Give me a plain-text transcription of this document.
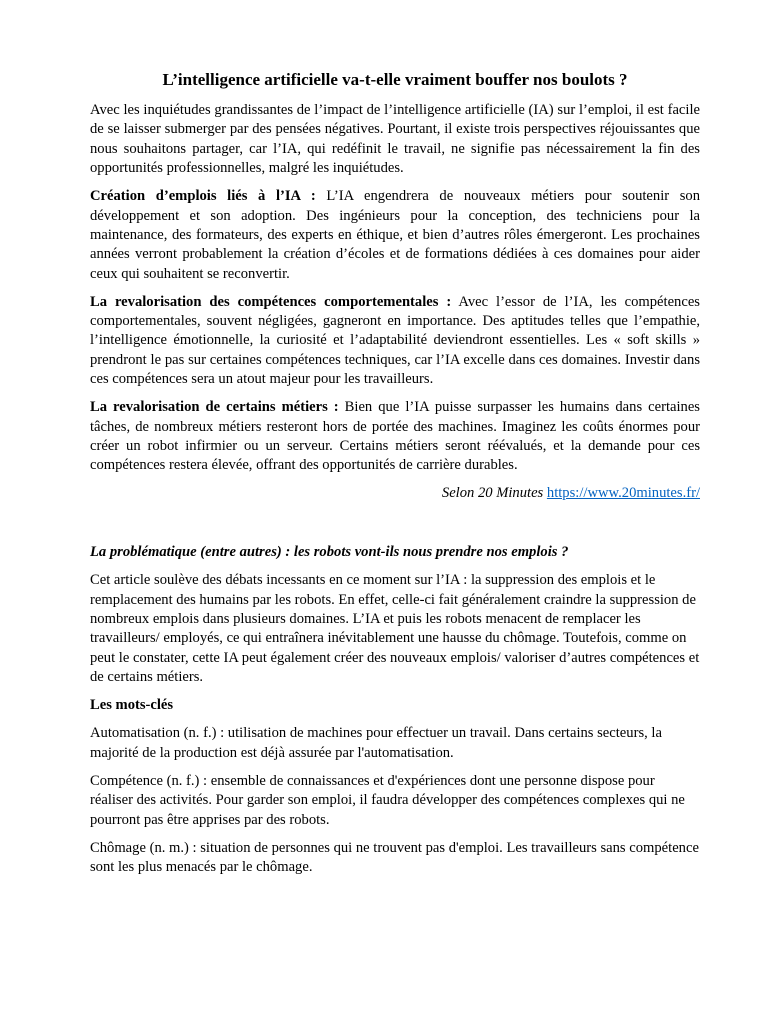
L’intelligence artificielle va-t-elle vraiment bouffer nos boulots ?

Avec les inquiétudes grandissantes de l’impact de l’intelligence artificielle (IA) sur l’emploi, il est facile de se laisser submerger par des pensées négatives. Pourtant, il existe trois perspectives réjouissantes que nous souhaitons partager, car l’IA, qui redéfinit le travail, ne signifie pas nécessairement la fin des opportunités professionnelles, malgré les inquiétudes.

Création d’emplois liés à l’IA : L’IA engendrera de nouveaux métiers pour soutenir son développement et son adoption. Des ingénieurs pour la conception, des techniciens pour la maintenance, des formateurs, des experts en éthique, et bien d’autres rôles émergeront. Les prochaines années verront probablement la création d’écoles et de formations dédiées à ces domaines pour aider ceux qui souhaitent se reconvertir.

La revalorisation des compétences comportementales : Avec l’essor de l’IA, les compétences comportementales, souvent négligées, gagneront en importance. Des aptitudes telles que l’empathie, l’intelligence émotionnelle, la curiosité et l’adaptabilité deviendront essentielles. Les « soft skills » prendront le pas sur certaines compétences techniques, car l’IA excelle dans ces domaines. Investir dans ces compétences sera un atout majeur pour les travailleurs.

La revalorisation de certains métiers : Bien que l’IA puisse surpasser les humains dans certaines tâches, de nombreux métiers resteront hors de portée des machines. Imaginez les coûts énormes pour créer un robot infirmier ou un serveur. Certains métiers seront réévalués, et la demande pour ces compétences restera élevée, offrant des opportunités de carrière durables.

Selon 20 Minutes https://www.20minutes.fr/

La problématique (entre autres) : les robots vont-ils nous prendre nos emplois ?

Cet article soulève des débats incessants en ce moment sur l’IA : la suppression des emplois et le remplacement des humains par les robots. En effet, celle-ci fait généralement craindre la suppression de nombreux emplois dans plusieurs domaines. L’IA et puis les robots menacent de remplacer les travailleurs/ employés, ce qui entraînera inévitablement une hausse du chômage. Toutefois, comme on peut le constater, cette IA peut également créer des nouveaux emplois/ valoriser d’autres compétences et de certains métiers.

Les mots-clés

Automatisation (n. f.) : utilisation de machines pour effectuer un travail. Dans certains secteurs, la majorité de la production est déjà assurée par l'automatisation.

Compétence (n. f.) : ensemble de connaissances et d'expériences dont une personne dispose pour réaliser des activités. Pour garder son emploi, il faudra développer des compétences complexes qui ne pourront pas être apprises par des robots.

Chômage (n. m.) : situation de personnes qui ne trouvent pas d'emploi. Les travailleurs sans compétence sont les plus menacés par le chômage.
